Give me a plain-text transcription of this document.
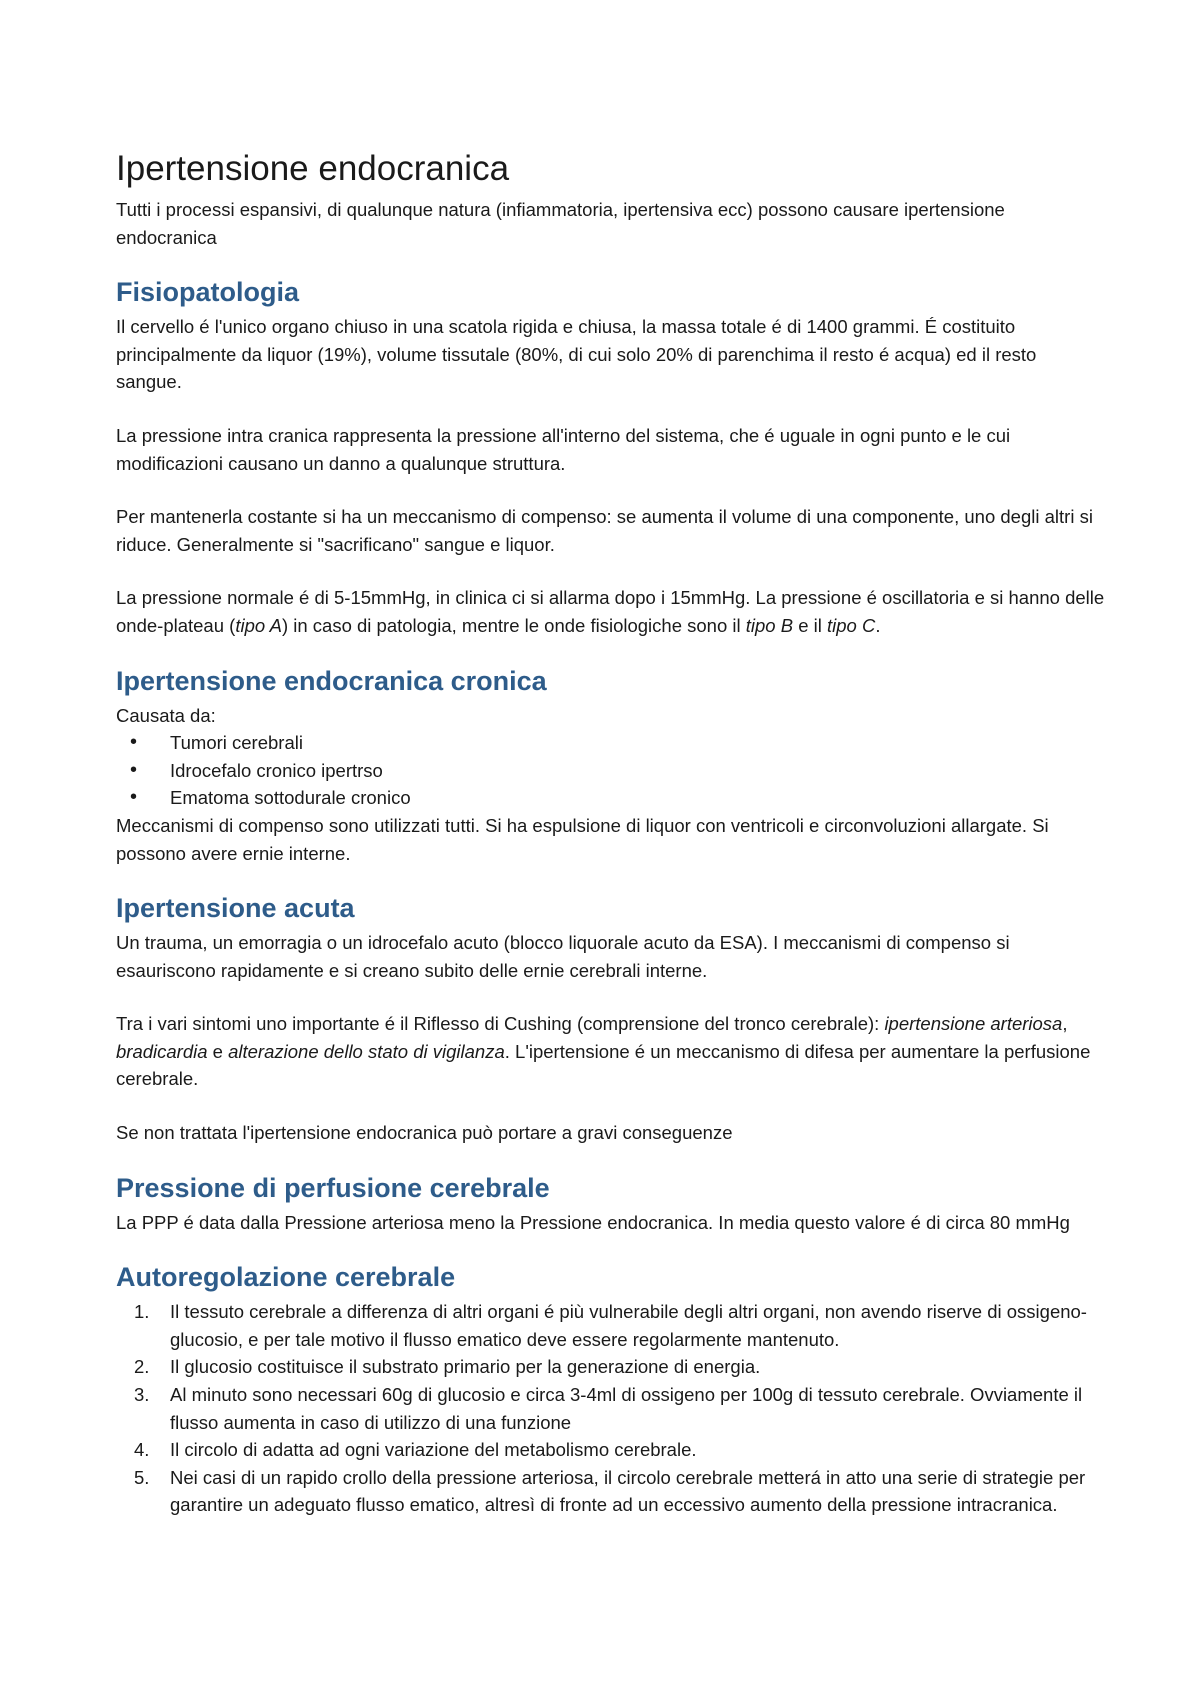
Ipertensione endocranica

Tutti i processi espansivi, di qualunque natura (infiammatoria, ipertensiva ecc) possono causare ipertensione endocranica

Fisiopatologia

Il cervello é l'unico organo chiuso in una scatola rigida e chiusa, la massa totale é di 1400 grammi. É costituito principalmente da liquor (19%), volume tissutale (80%, di cui solo 20% di parenchima il resto é acqua) ed il resto sangue.

La pressione intra cranica rappresenta la pressione all'interno del sistema, che é uguale in ogni punto e le cui modificazioni causano un danno a qualunque struttura.

Per mantenerla costante si ha un meccanismo di compenso: se aumenta il volume di una componente, uno degli altri si riduce. Generalmente si "sacrificano" sangue e liquor.

La pressione normale é di 5-15mmHg, in clinica ci si allarma dopo i 15mmHg. La pressione é oscillatoria e si hanno delle onde-plateau (tipo A) in caso di patologia, mentre le onde fisiologiche sono il tipo B e il tipo C.

Ipertensione endocranica cronica
Causata da:
• Tumori cerebrali
• Idrocefalo cronico ipertrso
• Ematoma sottodurale cronico

Meccanismi di compenso sono utilizzati tutti. Si ha espulsione di liquor con ventricoli e circonvoluzioni allargate. Si possono avere ernie interne.

Ipertensione acuta

Un trauma, un emorragia o un idrocefalo acuto (blocco liquorale acuto da ESA). I meccanismi di compenso si esauriscono rapidamente e si creano subito delle ernie cerebrali interne.

Tra i vari sintomi uno importante é il Riflesso di Cushing (comprensione del tronco cerebrale): ipertensione arteriosa, bradicardia e alterazione dello stato di vigilanza. L'ipertensione é un meccanismo di difesa per aumentare la perfusione cerebrale.

Se non trattata l'ipertensione endocranica può portare a gravi conseguenze

Pressione di perfusione cerebrale

La PPP é data dalla Pressione arteriosa meno la Pressione endocranica. In media questo valore é di circa 80 mmHg

Autoregolazione cerebrale
1. Il tessuto cerebrale a differenza di altri organi é più vulnerabile degli altri organi, non avendo riserve di ossigeno-glucosio, e per tale motivo il flusso ematico deve essere regolarmente mantenuto.
2. Il glucosio costituisce il substrato primario per la generazione di energia.
3. Al minuto sono necessari 60g di glucosio e circa 3-4ml di ossigeno per 100g di tessuto cerebrale. Ovviamente il flusso aumenta in caso di utilizzo di una funzione
4. Il circolo di adatta ad ogni variazione del metabolismo cerebrale.
5. Nei casi di un rapido crollo della pressione arteriosa, il circolo cerebrale metterá in atto una serie di strategie per garantire un adeguato flusso ematico, altresì di fronte ad un eccessivo aumento della pressione intracranica.
